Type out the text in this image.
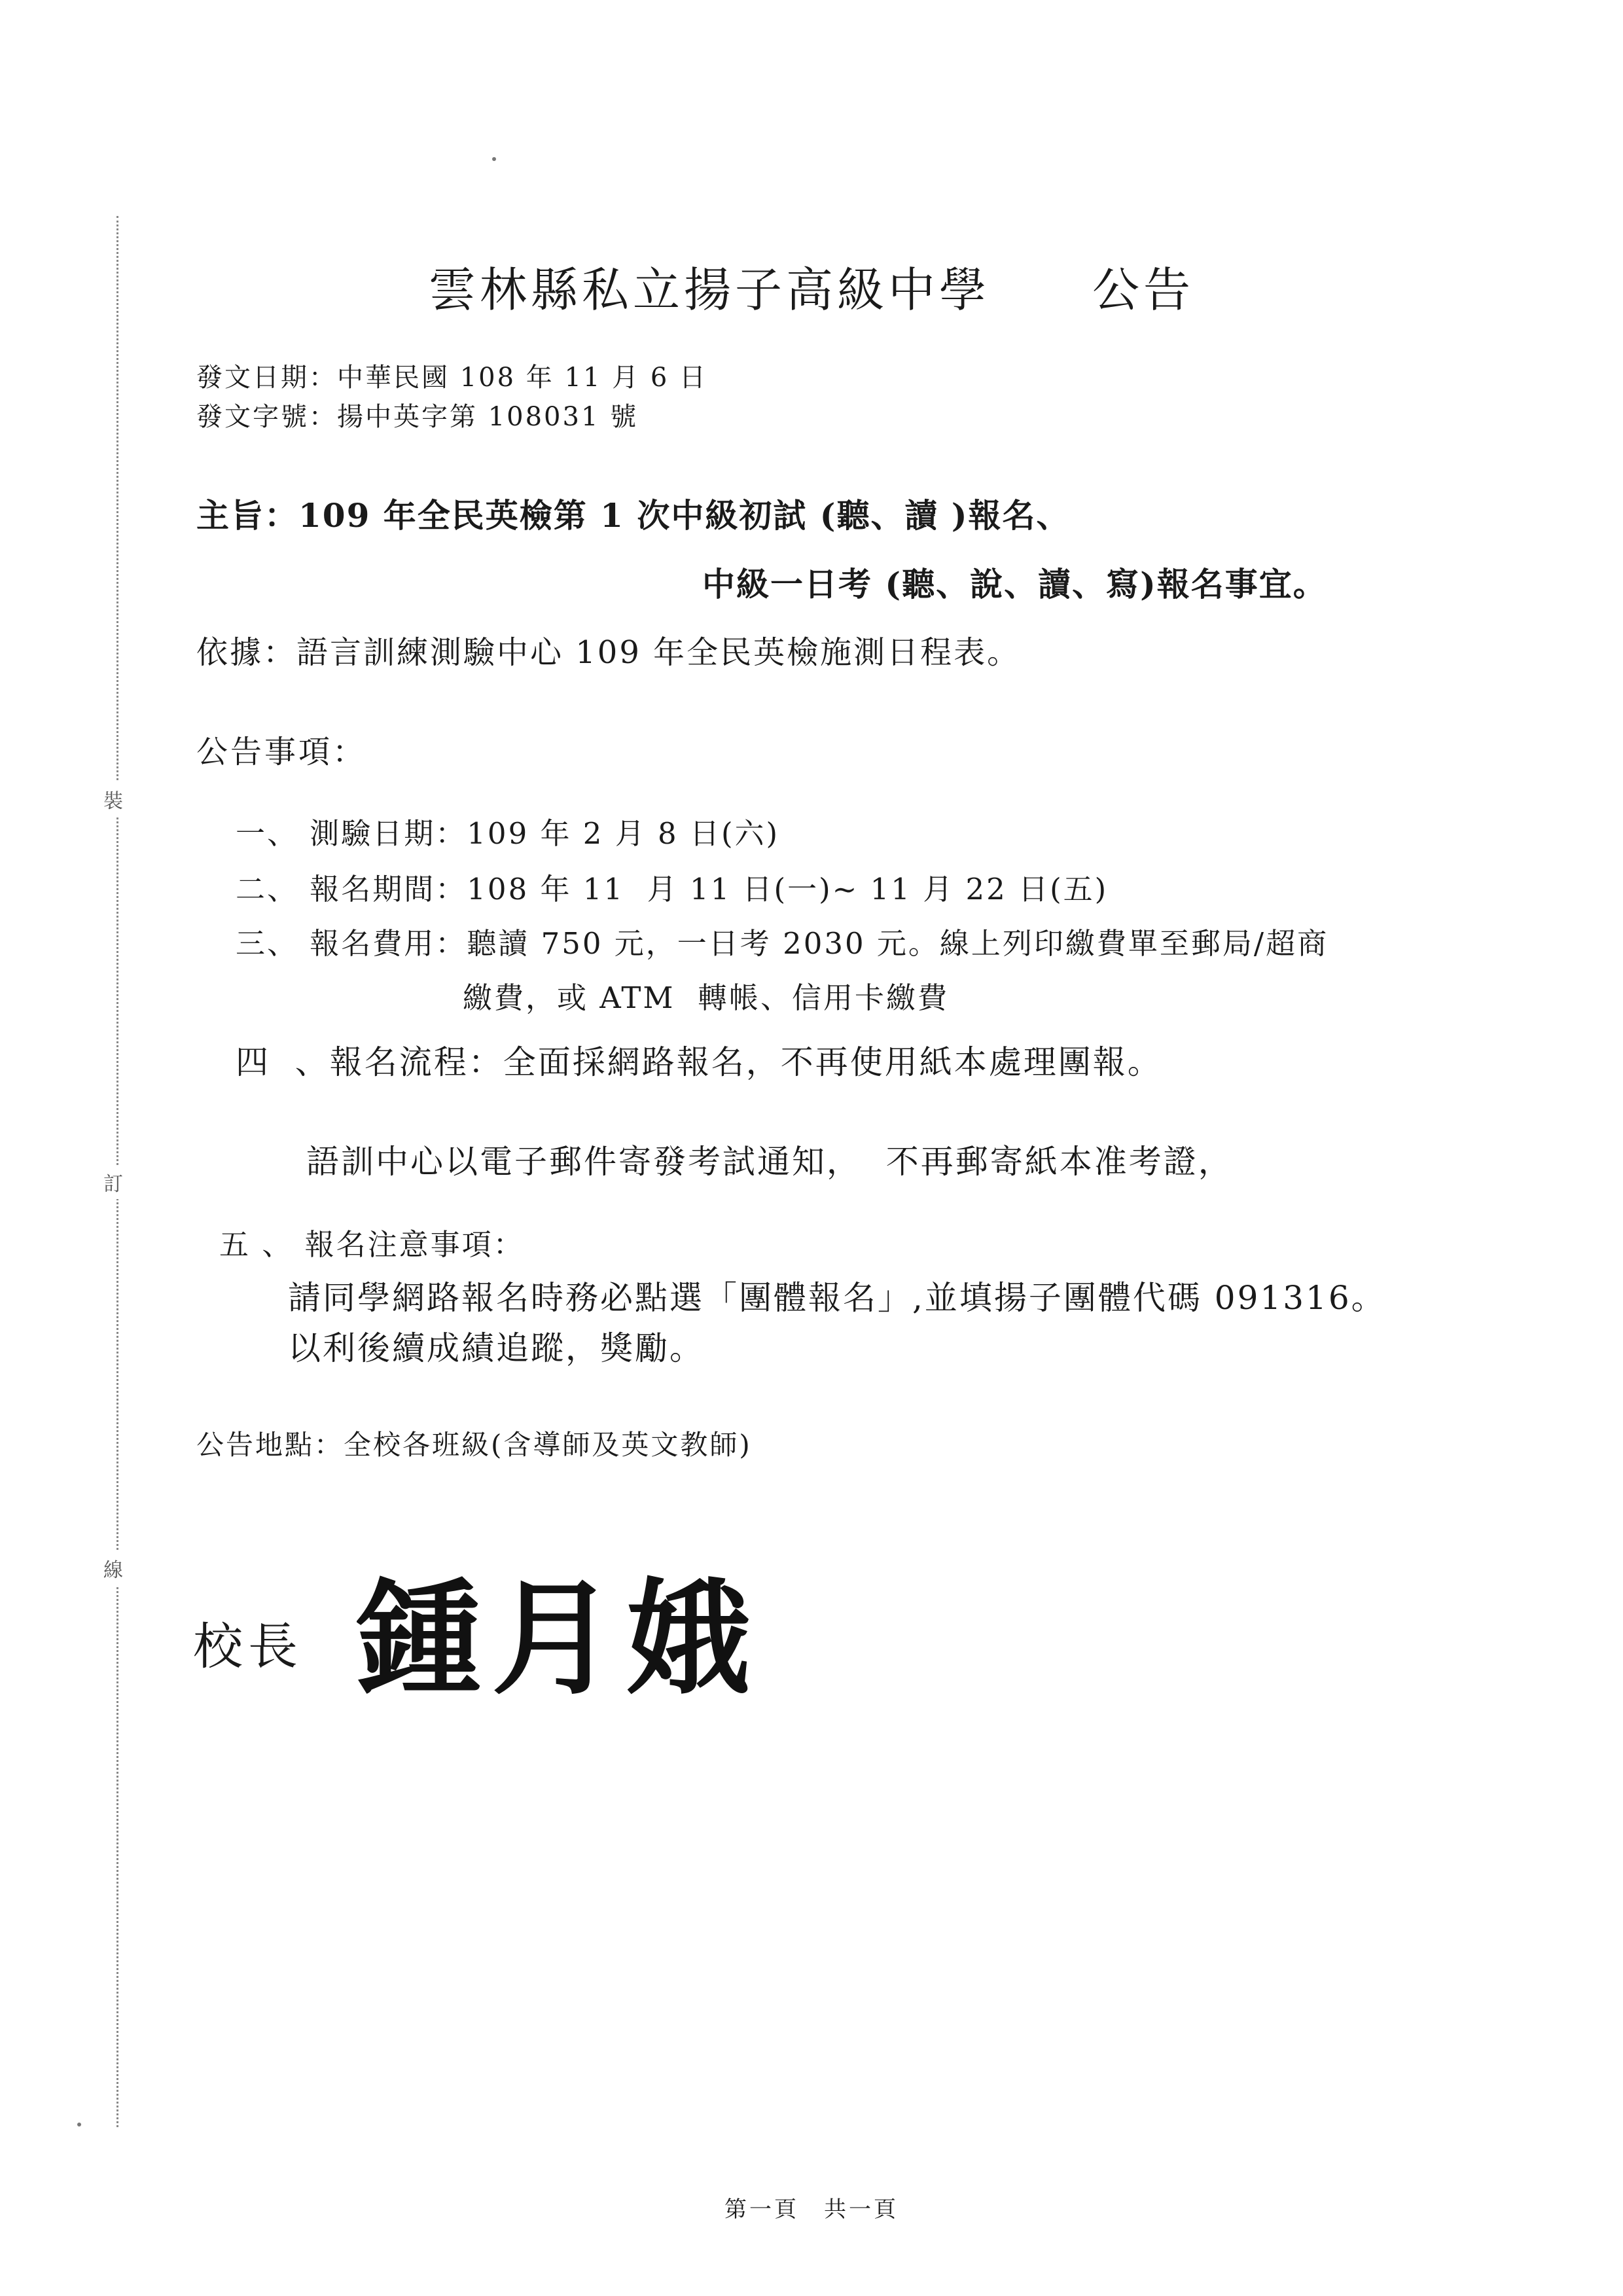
裝
訂
線
雲林縣私立揚子高級中學　　公告
發文日期：中華民國 108 年 11 月 6 日
發文字號：揚中英字第 108031 號
主旨：109 年全民英檢第 1 次中級初試 (聽、讀 )報名、
中級一日考 (聽、說、讀、寫)報名事宜。
依據：語言訓練測驗中心 109 年全民英檢施測日程表。
公告事項：
一、 測驗日期：109 年 2 月 8 日(六)
二、 報名期間：108 年 11  月 11 日(一)~ 11 月 22 日(五)
三、 報名費用：聽讀 750 元，一日考 2030 元。線上列印繳費單至郵局/超商
繳費，或 ATM  轉帳、信用卡繳費
四  、報名流程：全面採網路報名，不再使用紙本處理團報。
語訓中心以電子郵件寄發考試通知，  不再郵寄紙本准考證，
五 、 報名注意事項：
請同學網路報名時務必點選「團體報名」,並填揚子團體代碼 091316。
以利後續成績追蹤，獎勵。
公告地點：全校各班級(含導師及英文教師)
校長 鍾月娥
第一頁　共一頁
